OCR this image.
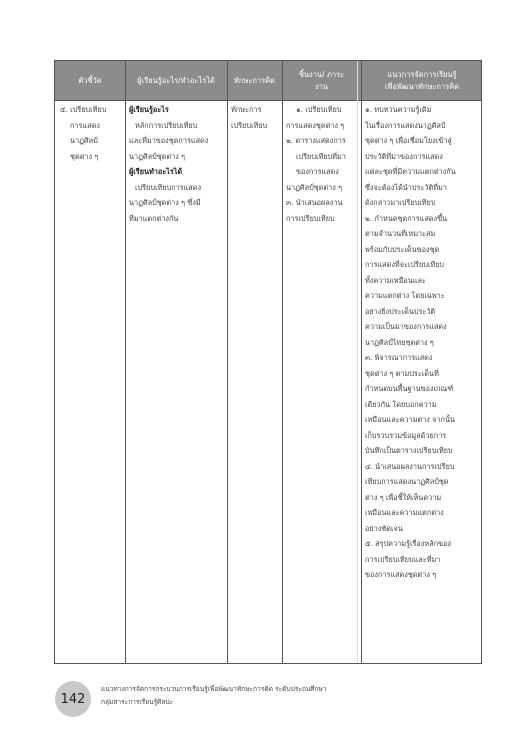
ตัวชี้วัด	ผู้เรียนรู้อะไร/ทำอะไรได้	ทักษะการคิด
ชิ้นงาน/ ภาระงาน
แนวการจัดการเรียนรู้ เพื่อพัฒนาทักษะการคิด
๕. เปรียบเทียบ
การแสดง
นาฏศิลป์
ชุดต่าง ๆ
ผู้เรียนรู้อะไร
หลักการเปรียบเทียบ
และที่มาของชุดการแสดง
นาฏศิลป์ชุดต่าง ๆ
ผู้เรียนทำอะไรได้
เปรียบเทียบการแสดง
นาฏศิลป์ชุดต่าง ๆ ซึ่งมี
ที่มาแตกต่างกัน
ทักษะการ
เปรียบเทียบ
๑. เปรียบเทียบ
การแสดงชุดต่าง ๆ
๒. ตารางแสดงการ
เปรียบเทียบที่มา
ของการแสดง
นาฏศิลป์ชุดต่าง ๆ
๓. นำเสนอผลงาน
การเปรียบเทียบ
๑. ทบทวนความรู้เดิม
ในเรื่องการแสดงนาฏศิลป์
ชุดต่าง ๆ เพื่อเชื่อมโยงเข้าสู่
ประวัติที่มาของการแสดง
แต่ละชุดที่มีความแตกต่างกัน
ซึ่งจะต้องได้นำประวัติที่มา
ดังกล่าวมาเปรียบเทียบ
๒. กำหนดชุดการแสดงขึ้น
ตามจำนวนที่เหมาะสม
พร้อมกับประเด็นของชุด
การแสดงที่จะเปรียบเทียบ
ทั้งความเหมือนและ
ความแตกต่าง โดยเฉพาะ
อย่างยิ่งประเด็นประวัติ
ความเป็นมาของการแสดง
นาฏศิลป์ไทยชุดต่าง ๆ
๓. พิจารณาการแสดง
ชุดต่าง ๆ ตามประเด็นที่
กำหนดบนพื้นฐานของเกณฑ์
เดียวกัน โดยบอกความ
เหมือนและความต่าง จากนั้น
เก็บรวบรวมข้อมูลด้วยการ
บันทึกเป็นตารางเปรียบเทียบ
๔. นำเสนอผลงานการเปรียบ
เทียบการแสดงนาฏศิลป์ชุด
ต่าง ๆ เพื่อชี้ให้เห็นความ
เหมือนและความแตกต่าง
อย่างชัดเจน
๕. สรุปความรู้เรื่องหลักของ
การเปรียบเทียบและที่มา
ของการแสดงชุดต่าง ๆ
142
แนวทางการจัดการกระบวนการเรียนรู้เพื่อพัฒนาทักษะการคิด ระดับประถมศึกษา
กลุ่มสาระการเรียนรู้ศิลปะ
